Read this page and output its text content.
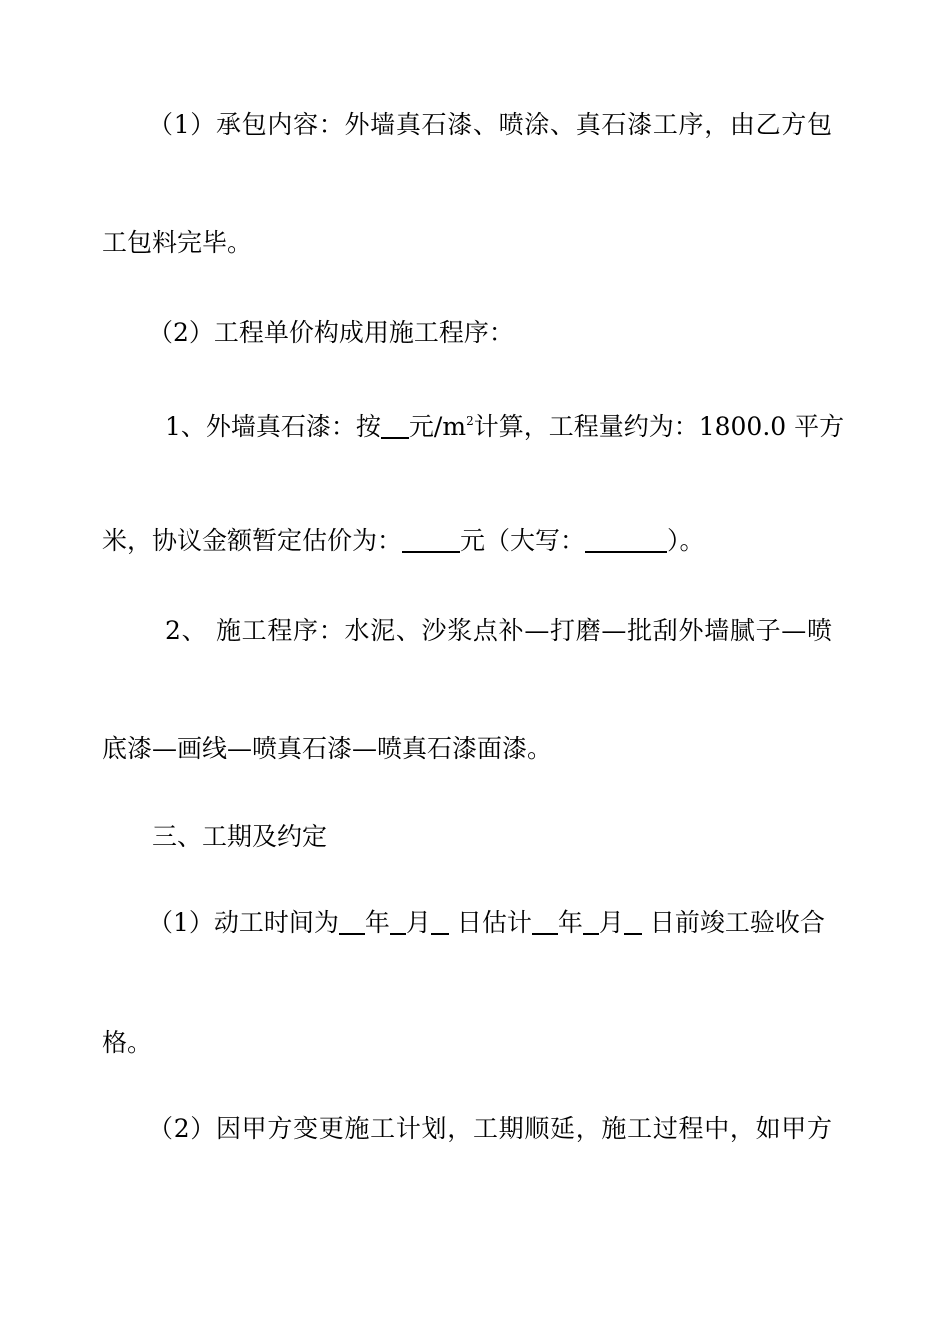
（1）承包内容：外墙真石漆、喷涂、真石漆工序，由乙方包
工包料完毕。
（2）工程单价构成用施工程序：
1、外墙真石漆：按 元$/m^2$计算，工程量约为：1800.0 平方
米，协议金额暂定估价为： 元（大写：	）。
2、 施工程序：水泥、沙浆点补—打磨—批刮外墙腻子—喷
底漆—画线—喷真石漆—喷真石漆面漆。
三、工期及约定
（1）动工时间为 年 月 日估计 年 月 日前竣工验收合
格。
（2）因甲方变更施工计划，工期顺延，施工过程中，如甲方
